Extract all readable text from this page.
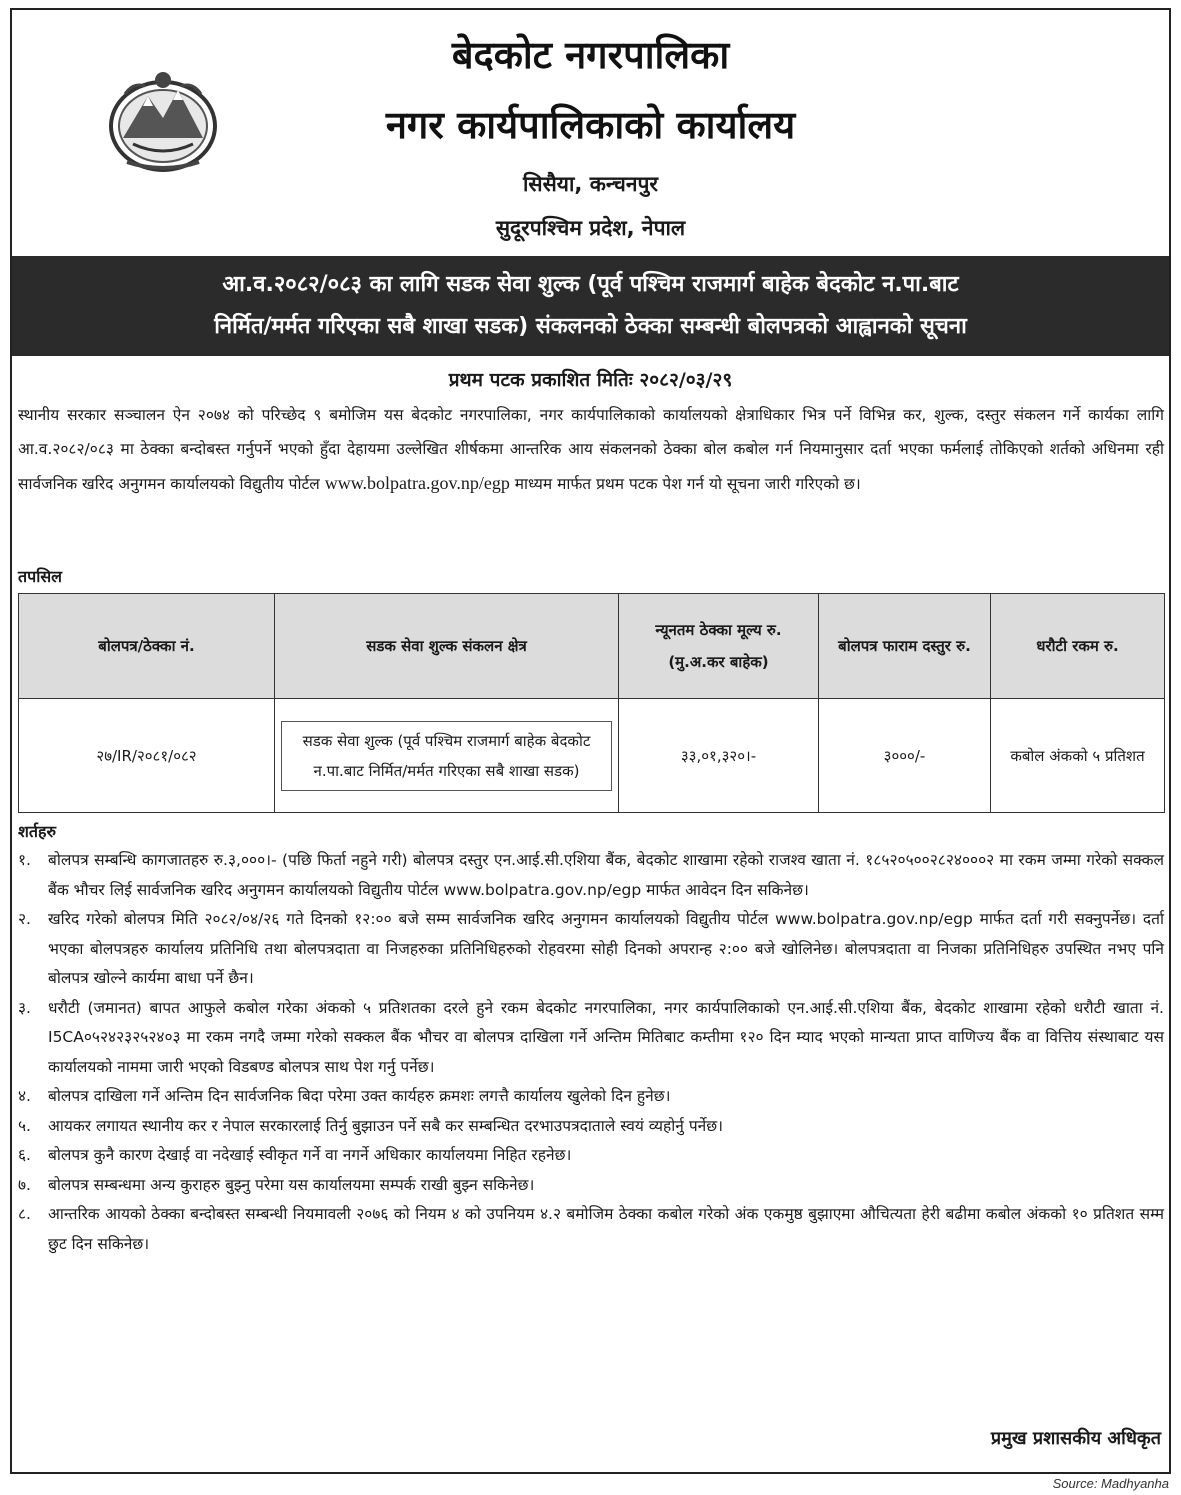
बेदकोट नगरपालिका
नगर कार्यपालिकाको कार्यालय
सिसैया, कन्चनपुर
सुदूरपश्चिम प्रदेश, नेपाल
आ.व.२०८२/०८३ का लागि सडक सेवा शुल्क (पूर्व पश्चिम राजमार्ग बाहेक बेदकोट न.पा.बाट
निर्मित/मर्मत गरिएका सबै शाखा सडक) संकलनको ठेक्का सम्बन्धी बोलपत्रको आह्वानको सूचना
प्रथम पटक प्रकाशित मितिः २०८२/०३/२९
स्थानीय सरकार सञ्चालन ऐन २०७४ को परिच्छेद ९ बमोजिम यस बेदकोट नगरपालिका, नगर कार्यपालिकाको कार्यालयको क्षेत्राधिकार भित्र पर्ने विभिन्न कर, शुल्क, दस्तुर संकलन गर्ने कार्यका लागि आ.व.२०८२/०८३ मा ठेक्का बन्दोबस्त गर्नुपर्ने भएको हुँदा देहायमा उल्लेखित शीर्षकमा आन्तरिक आय संकलनको ठेक्का बोल कबोल गर्न नियमानुसार दर्ता भएका फर्मलाई तोकिएको शर्तको अधिनमा रही सार्वजनिक खरिद अनुगमन कार्यालयको विद्युतीय पोर्टल www.bolpatra.gov.np/egp माध्यम मार्फत प्रथम पटक पेश गर्न यो सूचना जारी गरिएको छ।
तपसिल
बोलपत्र/ठेक्का नं.	सडक सेवा शुल्क संकलन क्षेत्र	न्यूनतम ठेक्का मूल्य रु. (मु.अ.कर बाहेक)	बोलपत्र फाराम दस्तुर रु.	धरौटी रकम रु.
२७/IR/२०८१/०८२	सडक सेवा शुल्क (पूर्व पश्चिम राजमार्ग बाहेक बेदकोट न.पा.बाट निर्मित/मर्मत गरिएका सबै शाखा सडक)	३३,०१,३२०।-	३०००/-	कबोल अंकको ५ प्रतिशत
शर्तहरु
१.	बोलपत्र सम्बन्धि कागजातहरु रु.३,०००।- (पछि फिर्ता नहुने गरी) बोलपत्र दस्तुर एन.आई.सी.एशिया बैंक, बेदकोट शाखामा रहेको राजश्व खाता नं. १८५२०५००२८२४०००२ मा रकम जम्मा गरेको सक्कल बैंक भौचर लिई सार्वजनिक खरिद अनुगमन कार्यालयको विद्युतीय पोर्टल www.bolpatra.gov.np/egp मार्फत आवेदन दिन सकिनेछ।
२.	खरिद गरेको बोलपत्र मिति २०८२/०४/२६ गते दिनको १२:०० बजे सम्म सार्वजनिक खरिद अनुगमन कार्यालयको विद्युतीय पोर्टल www.bolpatra.gov.np/egp मार्फत दर्ता गरी सक्नुपर्नेछ। दर्ता भएका बोलपत्रहरु कार्यालय प्रतिनिधि तथा बोलपत्रदाता वा निजहरुका प्रतिनिधिहरुको रोहवरमा सोही दिनको अपरान्ह २:०० बजे खोलिनेछ। बोलपत्रदाता वा निजका प्रतिनिधिहरु उपस्थित नभए पनि बोलपत्र खोल्ने कार्यमा बाधा पर्ने छैन।
३.	धरौटी (जमानत) बापत आफुले कबोल गरेका अंकको ५ प्रतिशतका दरले हुने रकम बेदकोट नगरपालिका, नगर कार्यपालिकाको एन.आई.सी.एशिया बैंक, बेदकोट शाखामा रहेको धरौटी खाता नं. I5CA०५२४२३२५२४०३ मा रकम नगदै जम्मा गरेको सक्कल बैंक भौचर वा बोलपत्र दाखिला गर्ने अन्तिम मितिबाट कम्तीमा १२० दिन म्याद भएको मान्यता प्राप्त वाणिज्य बैंक वा वित्तिय संस्थाबाट यस कार्यालयको नाममा जारी भएको विडबण्ड बोलपत्र साथ पेश गर्नु पर्नेछ।
४.	बोलपत्र दाखिला गर्ने अन्तिम दिन सार्वजनिक बिदा परेमा उक्त कार्यहरु क्रमशः लगत्तै कार्यालय खुलेको दिन हुनेछ।
५.	आयकर लगायत स्थानीय कर र नेपाल सरकारलाई तिर्नु बुझाउन पर्ने सबै कर सम्बन्धित दरभाउपत्रदाताले स्वयं व्यहोर्नु पर्नेछ।
६.	बोलपत्र कुनै कारण देखाई वा नदेखाई स्वीकृत गर्ने वा नगर्ने अधिकार कार्यालयमा निहित रहनेछ।
७.	बोलपत्र सम्बन्धमा अन्य कुराहरु बुझ्नु परेमा यस कार्यालयमा सम्पर्क राखी बुझ्न सकिनेछ।
८.	आन्तरिक आयको ठेक्का बन्दोबस्त सम्बन्धी नियमावली २०७६ को नियम ४ को उपनियम ४.२ बमोजिम ठेक्का कबोल गरेको अंक एकमुष्ठ बुझाएमा औचित्यता हेरी बढीमा कबोल अंकको १० प्रतिशत सम्म छुट दिन सकिनेछ।
प्रमुख प्रशासकीय अधिकृत
Source: Madhyanha
